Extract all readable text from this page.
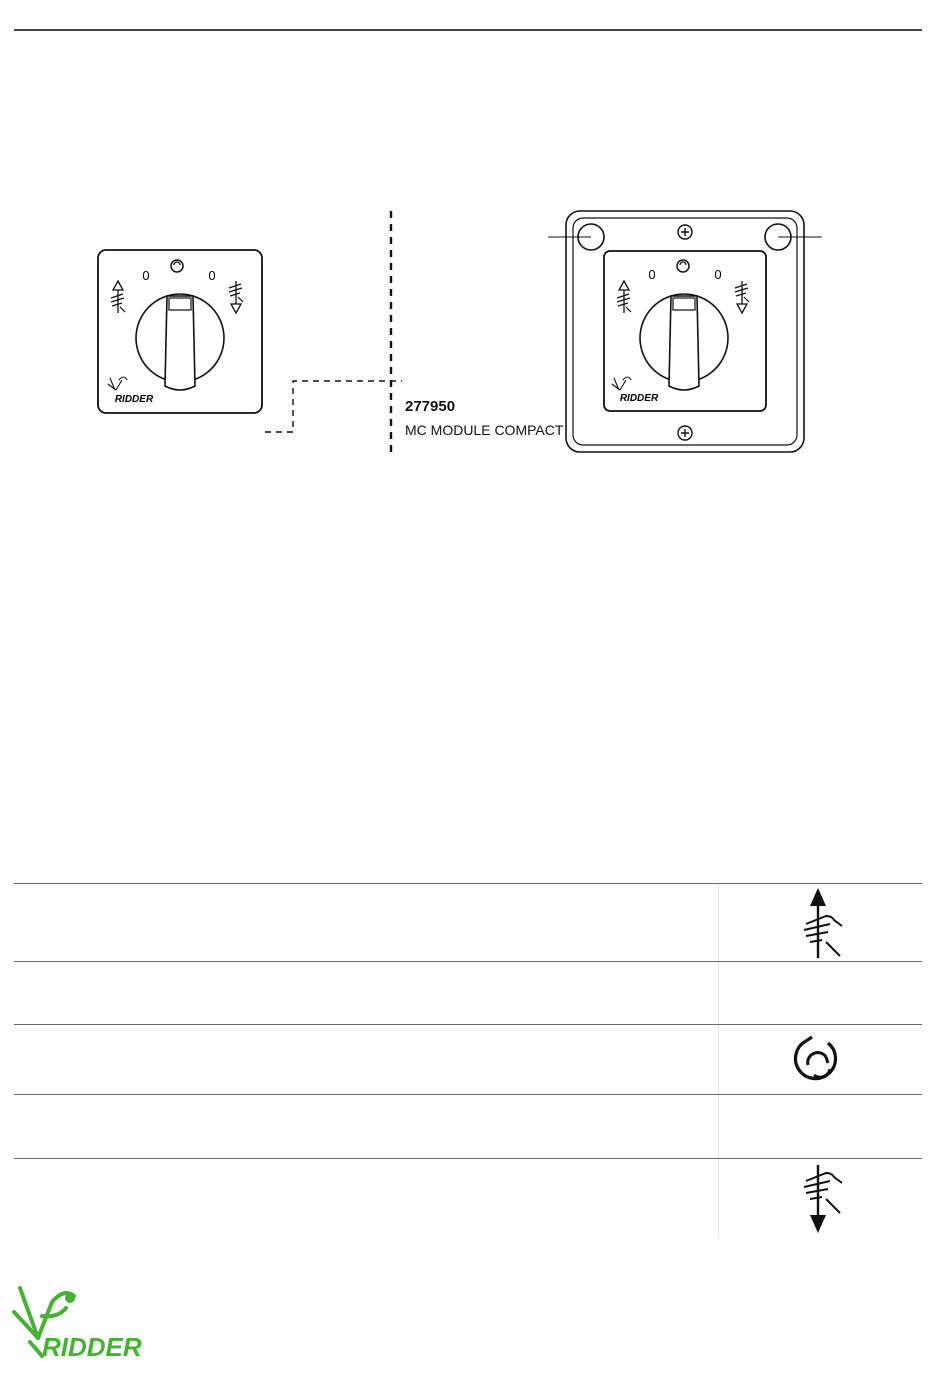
0	0
RIDDER
0	0
RIDDER
277950
MC MODULE COMPACT
RIDDER
